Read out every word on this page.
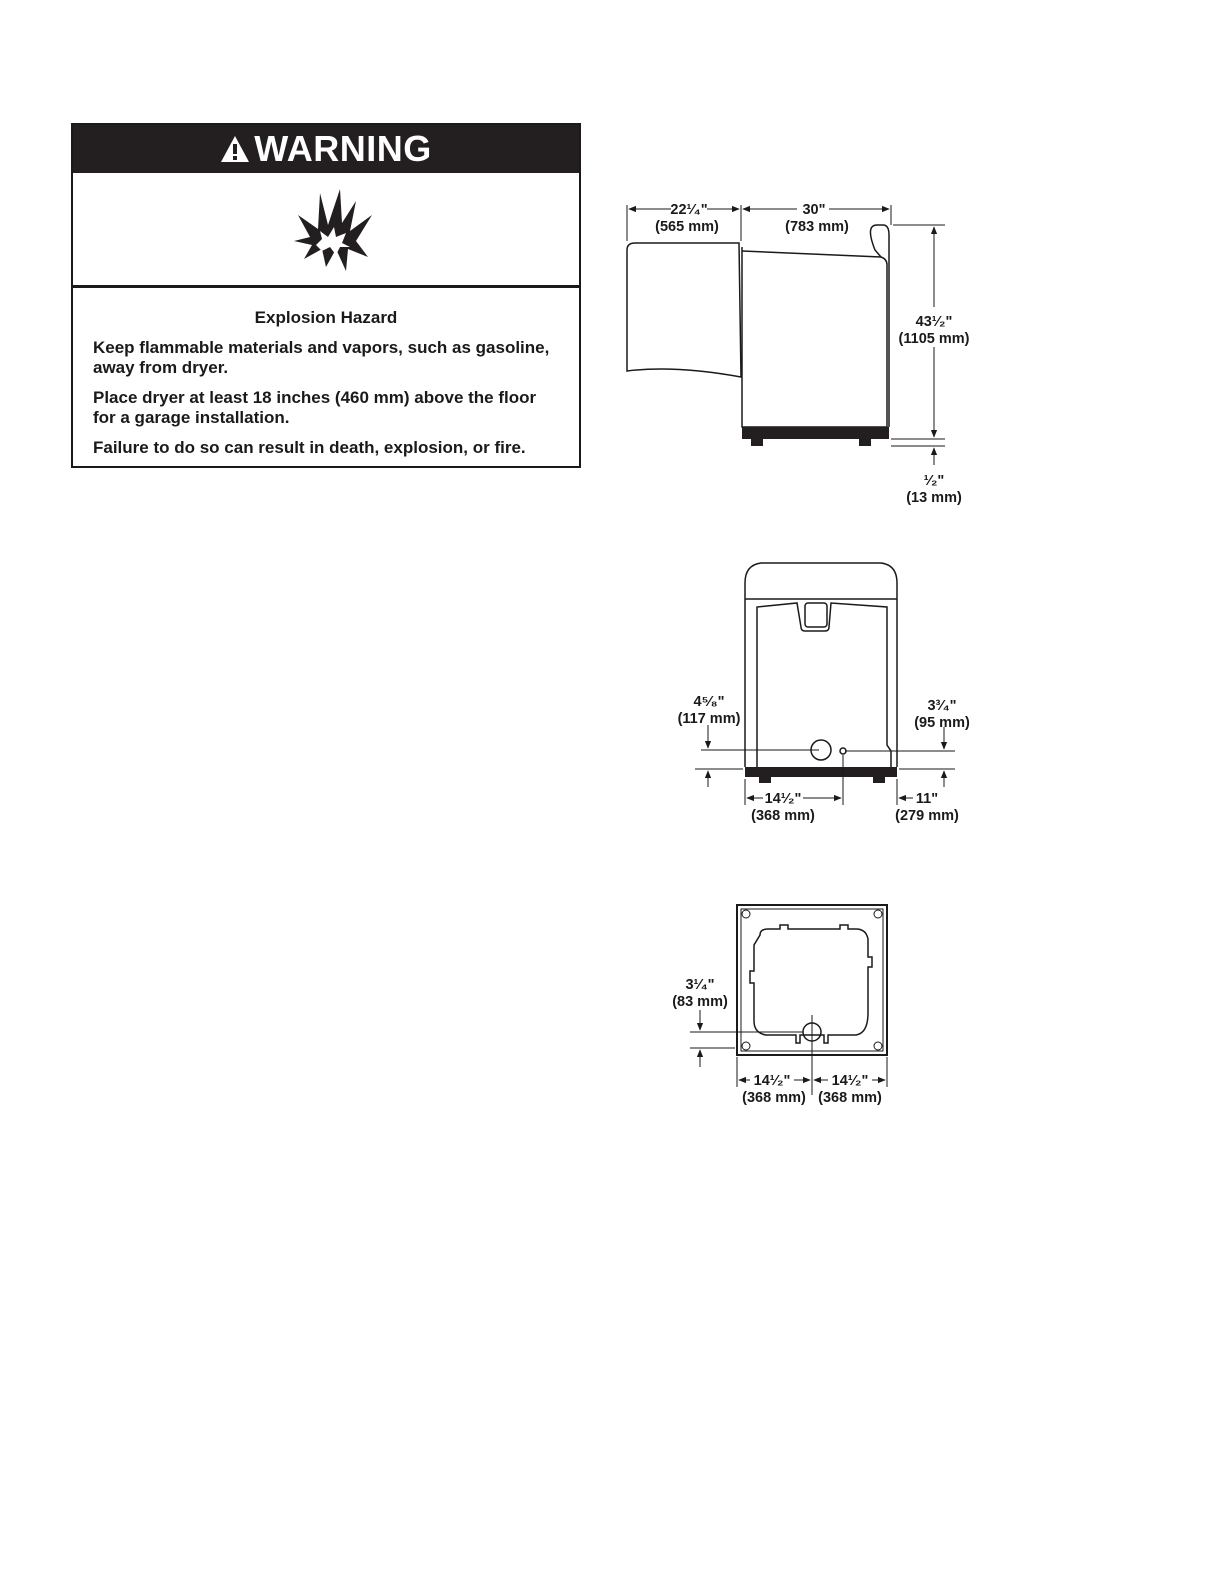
WARNING
Explosion Hazard

Keep flammable materials and vapors, such as gasoline, away from dryer.

Place dryer at least 18 inches (460 mm) above the floor for a garage installation.

Failure to do so can result in death, explosion, or fire.

22¹⁄₄"
(565 mm)
30"
(783 mm)
43¹⁄₂"
(1105 mm)
¹⁄₂"
(13 mm)
4⁵⁄₈"
(117 mm)
3³⁄₄"
(95 mm)
14¹⁄₂"
(368 mm)
11"
(279 mm)
3¹⁄₄"
(83 mm)
14¹⁄₂"
(368 mm)
14¹⁄₂"
(368 mm)
